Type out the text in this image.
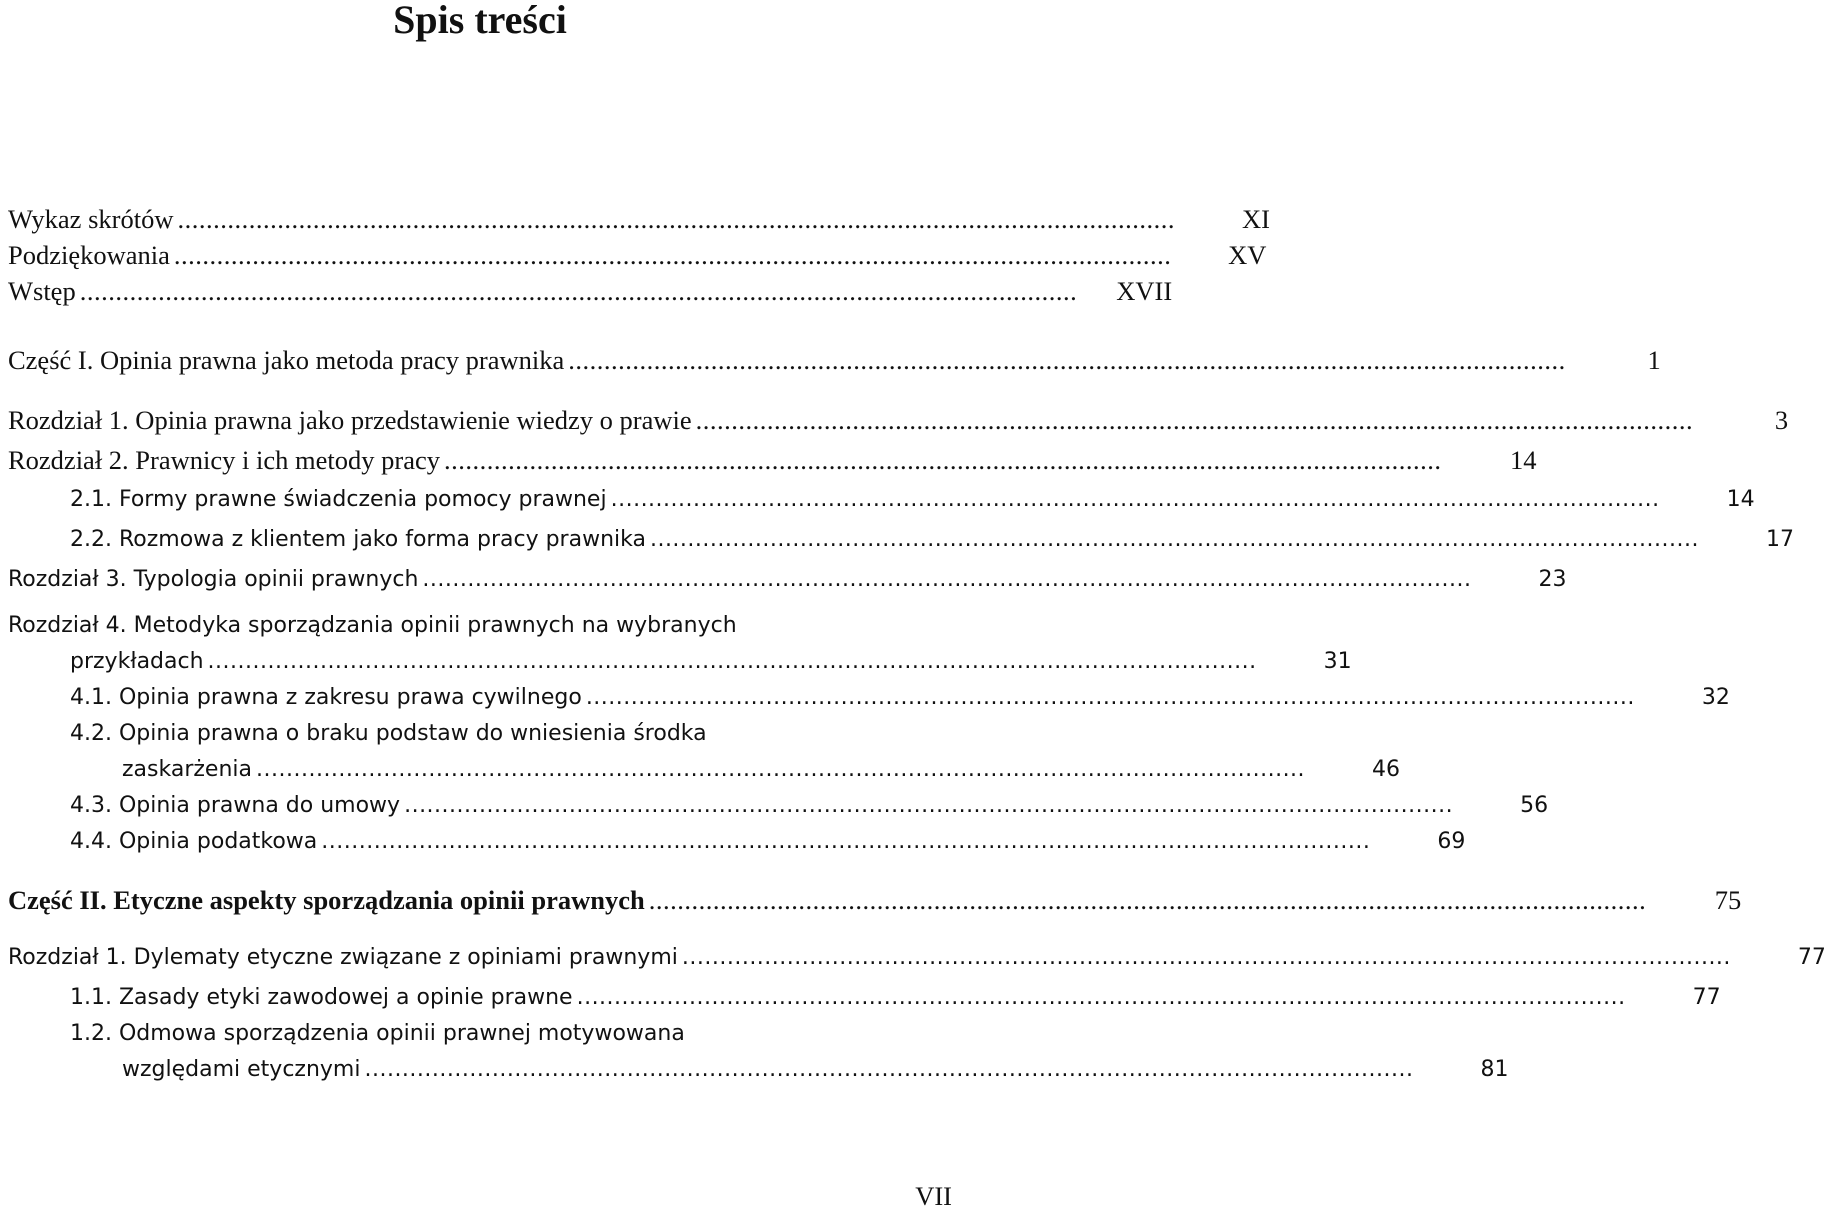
Spis treści
Wykaz skrótów ............................................................................................................................................	XI
Podziękowania ............................................................................................................................................	XV
Wstęp ............................................................................................................................................	XVII
Część I. Opinia prawna jako metoda pracy prawnika ............................................................................................................................................	1
Rozdział 1. Opinia prawna jako przedstawienie wiedzy o prawie ............................................................................................................................................	3
Rozdział 2. Prawnicy i ich metody pracy ............................................................................................................................................	14
2.1. Formy prawne świadczenia pomocy prawnej ............................................................................................................................................	14
2.2. Rozmowa z klientem jako forma pracy prawnika ............................................................................................................................................	17
Rozdział 3. Typologia opinii prawnych ............................................................................................................................................	23
Rozdział 4. Metodyka sporządzania opinii prawnych na wybranych
przykładach ............................................................................................................................................	31
4.1. Opinia prawna z zakresu prawa cywilnego ............................................................................................................................................	32
4.2. Opinia prawna o braku podstaw do wniesienia środka
zaskarżenia ............................................................................................................................................	46
4.3. Opinia prawna do umowy ............................................................................................................................................	56
4.4. Opinia podatkowa ............................................................................................................................................	69
Część II. Etyczne aspekty sporządzania opinii prawnych ............................................................................................................................................	75
Rozdział 1. Dylematy etyczne związane z opiniami prawnymi ............................................................................................................................................	77
1.1. Zasady etyki zawodowej a opinie prawne ............................................................................................................................................	77
1.2. Odmowa sporządzenia opinii prawnej motywowana
względami etycznymi ............................................................................................................................................	81
VII
